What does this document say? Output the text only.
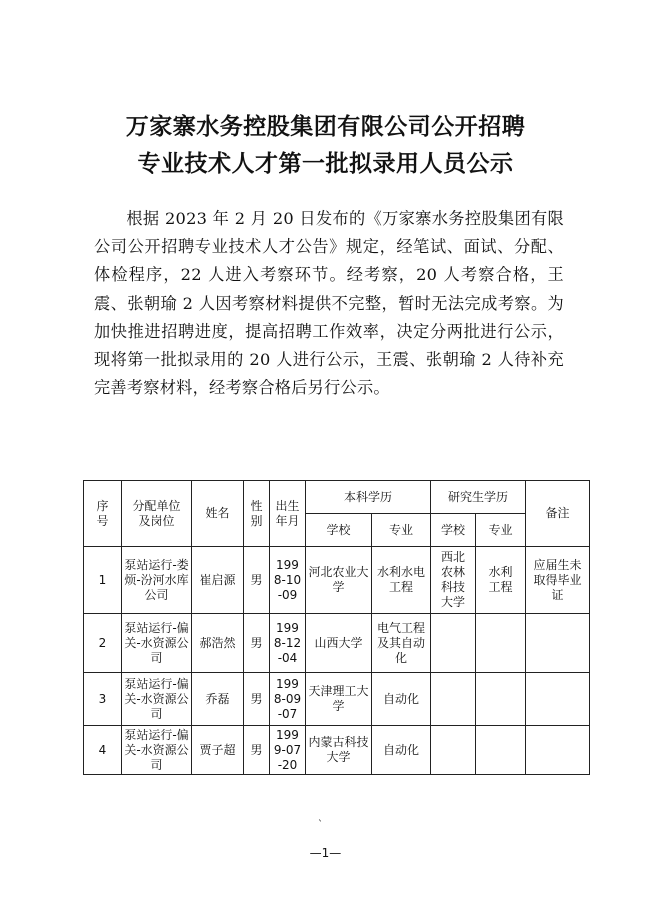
万家寨水务控股集团有限公司公开招聘
专业技术人才第一批拟录用人员公示

根据 2023 年 2 月 20 日发布的《万家寨水务控股集团有限公司公开招聘专业技术人才公告》规定，经笔试、面试、分配、体检程序，22 人进入考察环节。经考察，20 人考察合格，王震、张朝瑜 2 人因考察材料提供不完整，暂时无法完成考察。为加快推进招聘进度，提高招聘工作效率，决定分两批进行公示，现将第一批拟录用的 20 人进行公示，王震、张朝瑜 2 人待补充完善考察材料，经考察合格后另行公示。

序号	分配单位及岗位	姓名	性别	出生年月	本科学历		研究生学历		备注
					学校	专业	学校	专业	
1	泵站运行-娄烦-汾河水库公司	崔启源	男	1998-10-09	河北农业大学	水利水电工程	西北农林科技大学	水利工程	应届生未取得毕业证
2	泵站运行-偏关-水资源公司	郝浩然	男	1998-12-04	山西大学	电气工程及其自动化			
3	泵站运行-偏关-水资源公司	乔磊	男	1998-09-07	天津理工大学	自动化			
4	泵站运行-偏关-水资源公司	贾子超	男	1999-07-20	内蒙古科技大学	自动化			
`
—1—
